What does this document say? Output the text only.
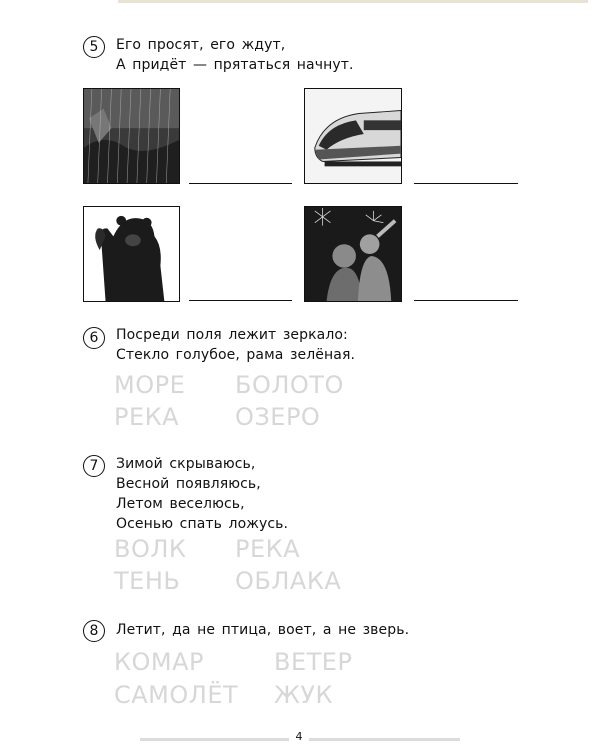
5	Его просят, его ждут,
А придёт — прятаться начнут.
6	Посреди поля лежит зеркало:
Стекло голубое, рама зелёная.
МОРЕ БОЛОТО
РЕКА ОЗЕРО
7	Зимой скрываюсь,
Весной появляюсь,
Летом веселюсь,
Осенью спать ложусь.
ВОЛК РЕКА
ТЕНЬ ОБЛАКА
8	Летит, да не птица, воет, а не зверь.
КОМАР	ВЕТЕР
САМОЛЁТ ЖУК
4
